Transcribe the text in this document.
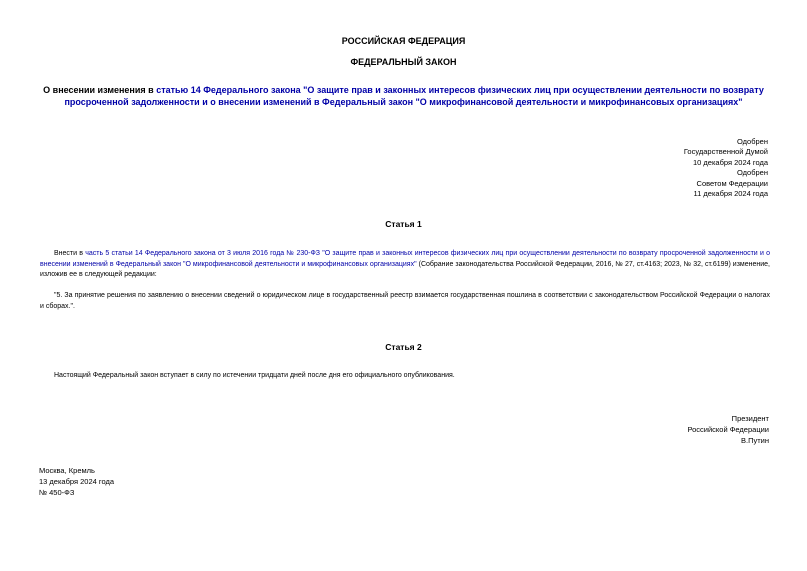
РОССИЙСКАЯ ФЕДЕРАЦИЯ
ФЕДЕРАЛЬНЫЙ ЗАКОН
О внесении изменения в статью 14 Федерального закона "О защите прав и законных интересов физических лиц при осуществлении деятельности по возврату просроченной задолженности и о внесении изменений в Федеральный закон "О микрофинансовой деятельности и микрофинансовых организациях"
Одобрен
Государственной Думой
10 декабря 2024 года
Одобрен
Советом Федерации
11 декабря 2024 года
Статья 1
Внести в часть 5 статьи 14 Федерального закона от 3 июля 2016 года № 230-ФЗ "О защите прав и законных интересов физических лиц при осуществлении деятельности по возврату просроченной задолженности и о внесении изменений в Федеральный закон "О микрофинансовой деятельности и микрофинансовых организациях" (Собрание законодательства Российской Федерации, 2016, № 27, ст.4163; 2023, № 32, ст.6199) изменение, изложив ее в следующей редакции:
"5. За принятие решения по заявлению о внесении сведений о юридическом лице в государственный реестр взимается государственная пошлина в соответствии с законодательством Российской Федерации о налогах и сборах.".
Статья 2
Настоящий Федеральный закон вступает в силу по истечении тридцати дней после дня его официального опубликования.
Президент
Российской Федерации
В.Путин
Москва, Кремль
13 декабря 2024 года
№ 450-ФЗ
